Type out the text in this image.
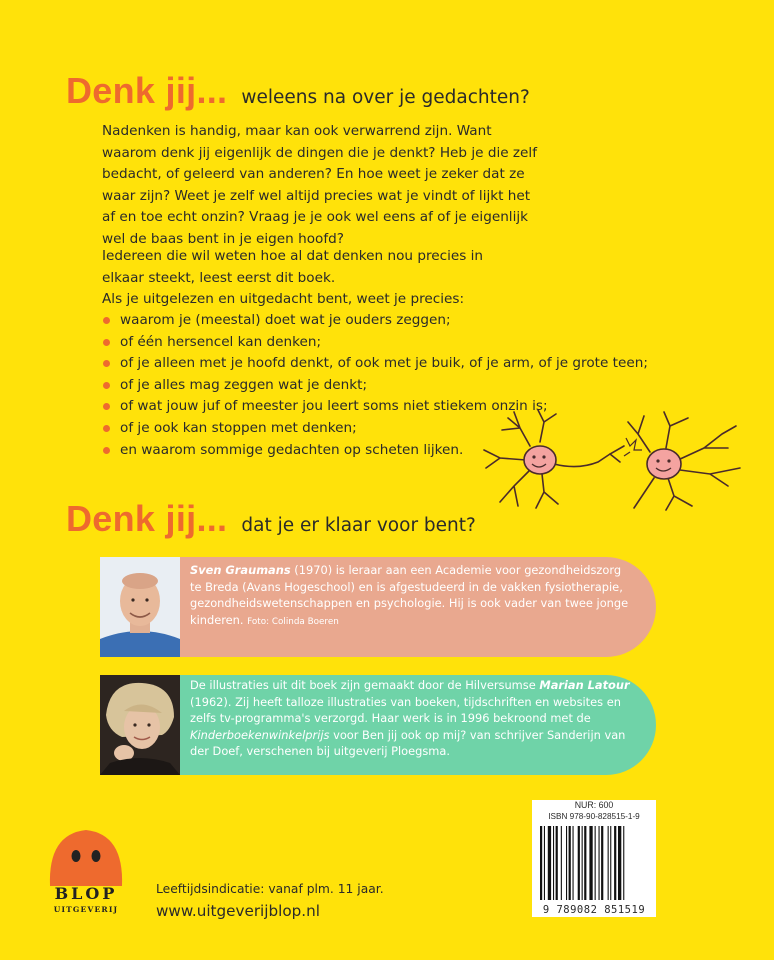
Denk jij... weleens na over je gedachten?

Nadenken is handig, maar kan ook verwarrend zijn. Want waarom denk jij eigenlijk de dingen die je denkt? Heb je die zelf bedacht, of geleerd van anderen? En hoe weet je zeker dat ze waar zijn? Weet je zelf wel altijd precies wat je vindt of lijkt het af en toe echt onzin? Vraag je je ook wel eens af of je eigenlijk wel de baas bent in je eigen hoofd?

Iedereen die wil weten hoe al dat denken nou precies in elkaar steekt, leest eerst dit boek.

Als je uitgelezen en uitgedacht bent, weet je precies:

waarom je (meestal) doet wat je ouders zeggen;
of één hersencel kan denken;
of je alleen met je hoofd denkt, of ook met je buik, of je arm, of je grote teen;
of je alles mag zeggen wat je denkt;
of wat jouw juf of meester jou leert soms niet stiekem onzin is;
of je ook kan stoppen met denken;
en waarom sommige gedachten op scheten lijken.
Denk jij... dat je er klaar voor bent?

Sven Graumans (1970) is leraar aan een Academie voor gezondheidszorg te Breda (Avans Hogeschool) en is afgestudeerd in de vakken fysiotherapie, gezondheidswetenschappen en psychologie. Hij is ook vader van twee jonge kinderen. Foto: Colinda Boeren

De illustraties uit dit boek zijn gemaakt door de Hilversumse Marian Latour (1962). Zij heeft talloze illustraties van boeken, tijdschriften en websites en zelfs tv-programma's verzorgd. Haar werk is in 1996 bekroond met de Kinderboekenwinkelprijs voor Ben jij ook op mij? van schrijver Sanderijn van der Doef, verschenen bij uitgeverij Ploegsma.

NUR: 600
ISBN 978-90-828515-1-9
9 789082 851519
BLOP
UITGEVERIJ
Leeftijdsindicatie: vanaf plm. 11 jaar.
www.uitgeverijblop.nl
